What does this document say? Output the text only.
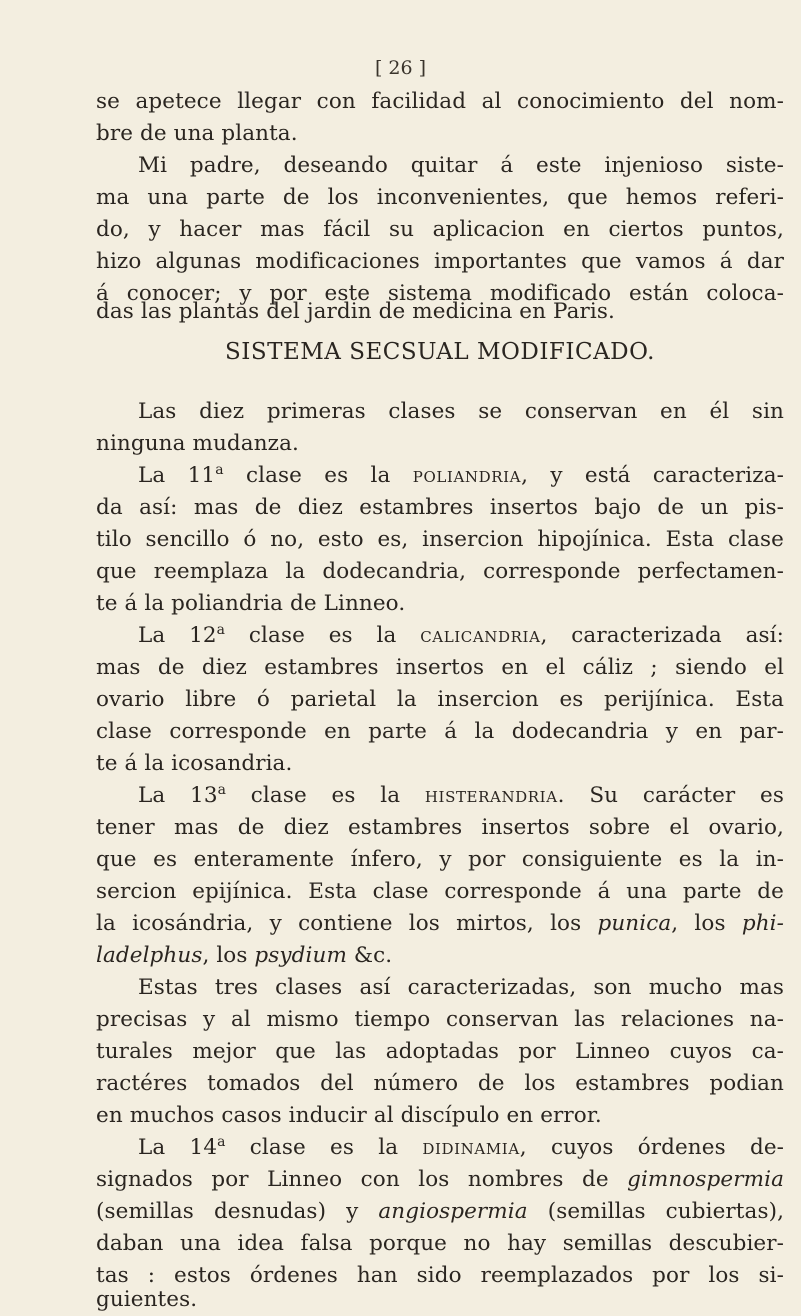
[ 26 ]
se apetece llegar con facilidad al conocimiento del nom-
bre de una planta.
Mi padre, deseando quitar á este injenioso siste-
ma una parte de los inconvenientes, que hemos referi-
do, y hacer mas fácil su aplicacion en ciertos puntos,
hizo algunas modificaciones importantes que vamos á dar
á conocer; y por este sistema modificado están coloca-
das las plantas del jardin de medicina en Paris.
SISTEMA SECSUAL MODIFICADO.
Las diez primeras clases se conservan en él sin
ninguna mudanza.
La 11$^a$ clase es la poliandria, y está caracteriza-
da así: mas de diez estambres insertos bajo de un pis-
tilo sencillo ó no, esto es, insercion hipojínica. Esta clase
que reemplaza la dodecandria, corresponde perfectamen-
te á la poliandria de Linneo.
La 12$^a$ clase es la calicandria, caracterizada así:
mas de diez estambres insertos en el cáliz ; siendo el
ovario libre ó parietal la insercion es perijínica. Esta
clase corresponde en parte á la dodecandria y en par-
te á la icosandria.
La 13$^a$ clase es la histerandria. Su carácter es
tener mas de diez estambres insertos sobre el ovario,
que es enteramente ínfero, y por consiguiente es la in-
sercion epijínica. Esta clase corresponde á una parte de
la icosándria, y contiene los mirtos, los punica, los phi-
ladelphus, los psydium &c.
Estas tres clases así caracterizadas, son mucho mas
precisas y al mismo tiempo conservan las relaciones na-
turales mejor que las adoptadas por Linneo cuyos ca-
ractéres tomados del número de los estambres podian
en muchos casos inducir al discípulo en error.
La 14$^a$ clase es la didinamia, cuyos órdenes de-
signados por Linneo con los nombres de gimnospermia
(semillas desnudas) y angiospermia (semillas cubiertas),
daban una idea falsa porque no hay semillas descubier-
tas : estos órdenes han sido reemplazados por los si-
guientes.
